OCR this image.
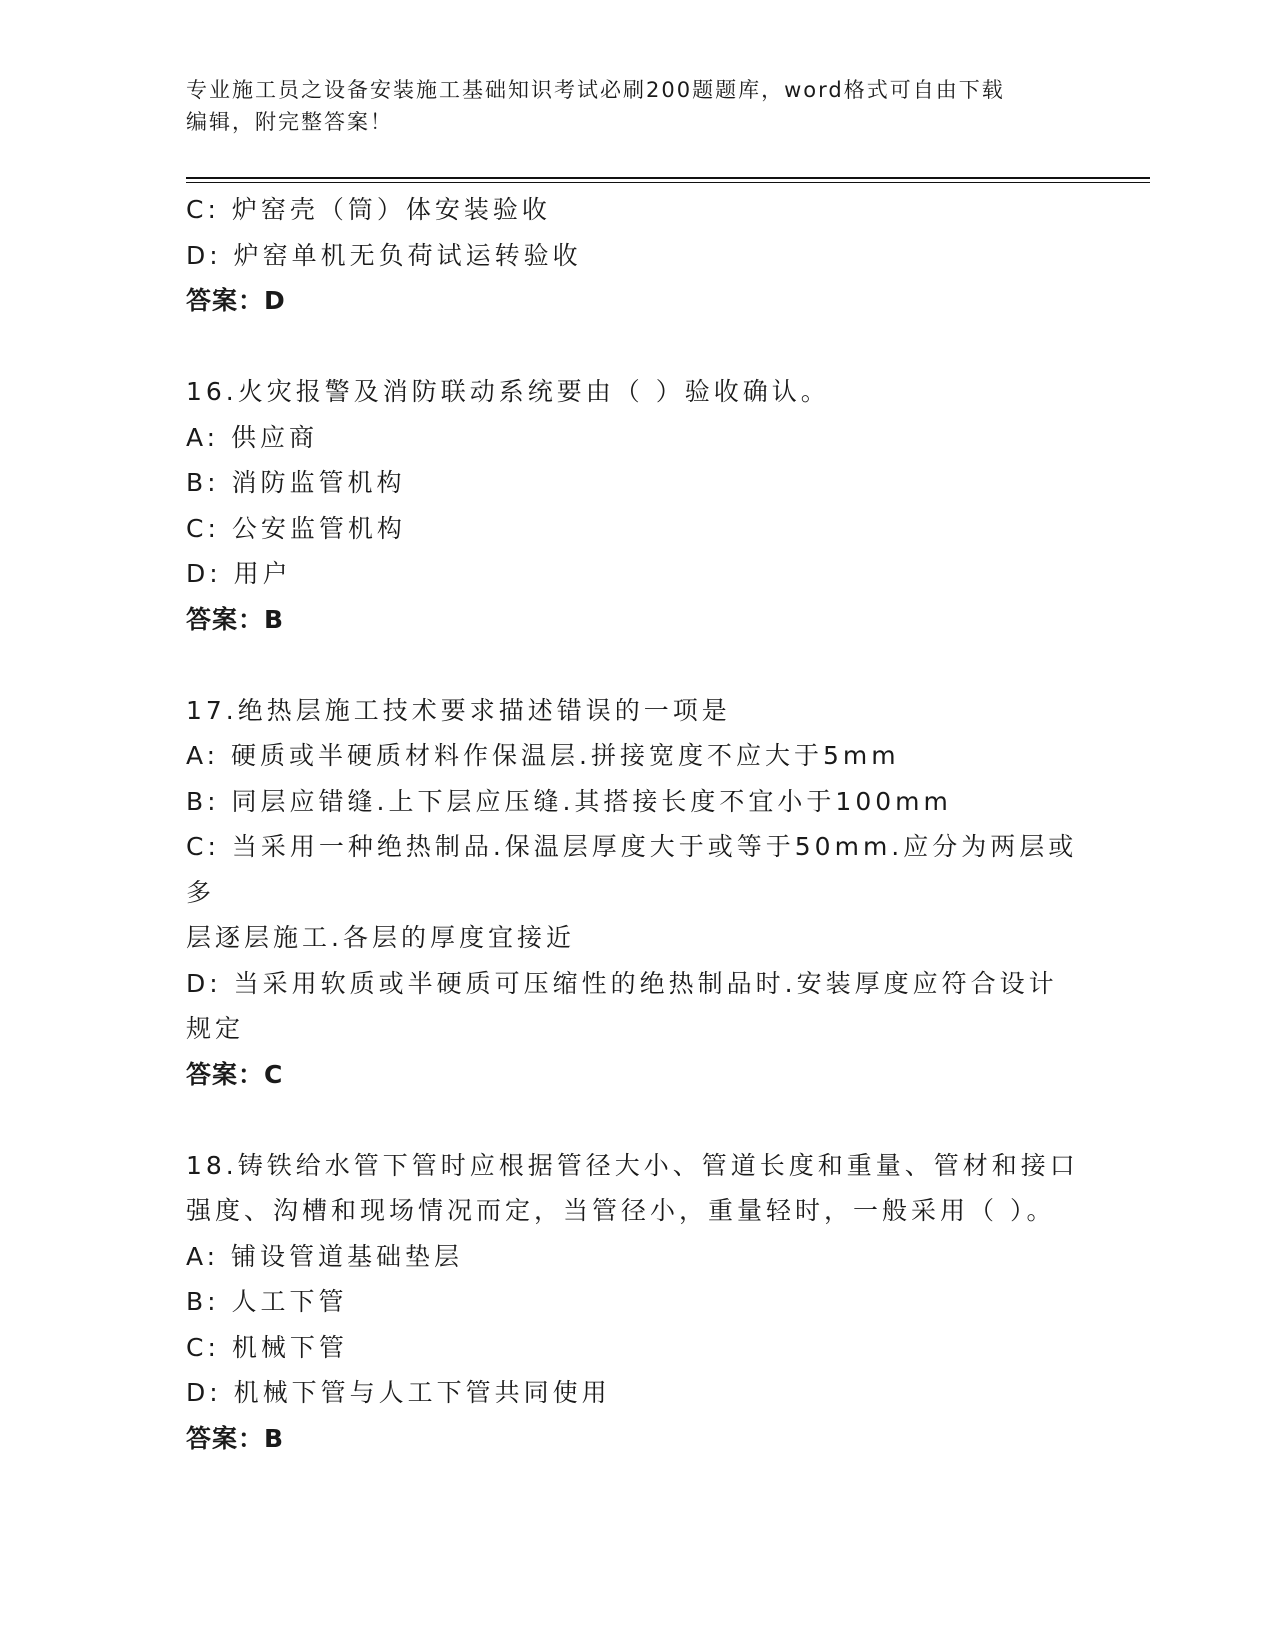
专业施工员之设备安装施工基础知识考试必刷200题题库，word格式可自由下载
编辑，附完整答案！

C: 炉窑壳（筒）体安装验收

D: 炉窑单机无负荷试运转验收

答案：D

16.火灾报警及消防联动系统要由（ ）验收确认。

A: 供应商

B: 消防监管机构

C: 公安监管机构

D: 用户

答案：B

17.绝热层施工技术要求描述错误的一项是

A: 硬质或半硬质材料作保温层.拼接宽度不应大于5mm

B: 同层应错缝.上下层应压缝.其搭接长度不宜小于100mm

C: 当采用一种绝热制品.保温层厚度大于或等于50mm.应分为两层或多

层逐层施工.各层的厚度宜接近

D: 当采用软质或半硬质可压缩性的绝热制品时.安装厚度应符合设计

规定

答案：C

18.铸铁给水管下管时应根据管径大小、管道长度和重量、管材和接口

强度、沟槽和现场情况而定，当管径小，重量轻时，一般采用（ ）。

A: 铺设管道基础垫层

B: 人工下管

C: 机械下管

D: 机械下管与人工下管共同使用

答案：B
